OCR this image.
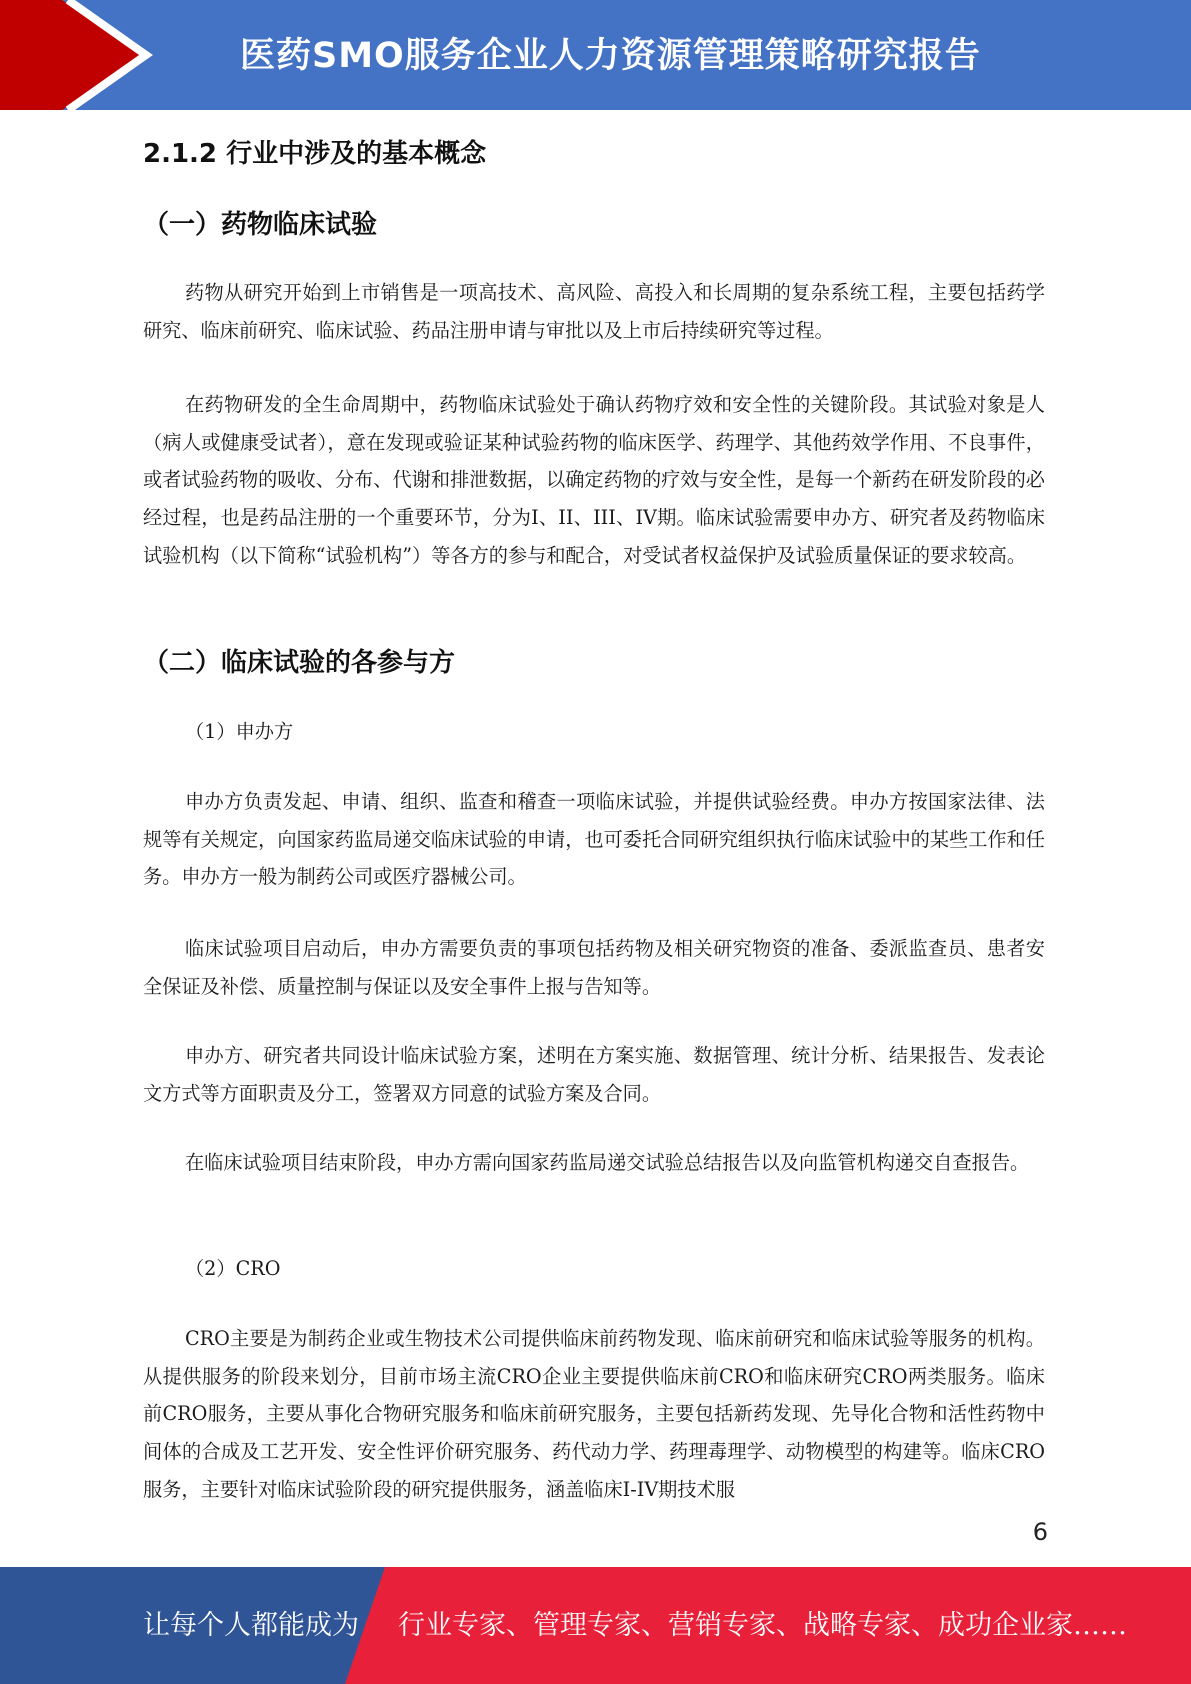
医药SMO服务企业人力资源管理策略研究报告
2.1.2 行业中涉及的基本概念
（一）药物临床试验
药物从研究开始到上市销售是一项高技术、高风险、高投入和长周期的复杂系统工程，主要包括药学研究、临床前研究、临床试验、药品注册申请与审批以及上市后持续研究等过程。
在药物研发的全生命周期中，药物临床试验处于确认药物疗效和安全性的关键阶段。其试验对象是人（病人或健康受试者），意在发现或验证某种试验药物的临床医学、药理学、其他药效学作用、不良事件，或者试验药物的吸收、分布、代谢和排泄数据，以确定药物的疗效与安全性，是每一个新药在研发阶段的必经过程，也是药品注册的一个重要环节，分为I、II、III、IV期。临床试验需要申办方、研究者及药物临床试验机构（以下简称“试验机构”）等各方的参与和配合，对受试者权益保护及试验质量保证的要求较高。
（二）临床试验的各参与方
（1）申办方
申办方负责发起、申请、组织、监查和稽查一项临床试验，并提供试验经费。申办方按国家法律、法规等有关规定，向国家药监局递交临床试验的申请，也可委托合同研究组织执行临床试验中的某些工作和任务。申办方一般为制药公司或医疗器械公司。
临床试验项目启动后，申办方需要负责的事项包括药物及相关研究物资的准备、委派监查员、患者安全保证及补偿、质量控制与保证以及安全事件上报与告知等。
申办方、研究者共同设计临床试验方案，述明在方案实施、数据管理、统计分析、结果报告、发表论文方式等方面职责及分工，签署双方同意的试验方案及合同。
在临床试验项目结束阶段，申办方需向国家药监局递交试验总结报告以及向监管机构递交自查报告。
（2）CRO
CRO主要是为制药企业或生物技术公司提供临床前药物发现、临床前研究和临床试验等服务的机构。从提供服务的阶段来划分，目前市场主流CRO企业主要提供临床前CRO和临床研究CRO两类服务。临床前CRO服务，主要从事化合物研究服务和临床前研究服务，主要包括新药发现、先导化合物和活性药物中间体的合成及工艺开发、安全性评价研究服务、药代动力学、药理毒理学、动物模型的构建等。临床CRO服务，主要针对临床试验阶段的研究提供服务，涵盖临床I-IV期技术服
6
让每个人都能成为 行业专家、管理专家、营销专家、战略专家、成功企业家……
